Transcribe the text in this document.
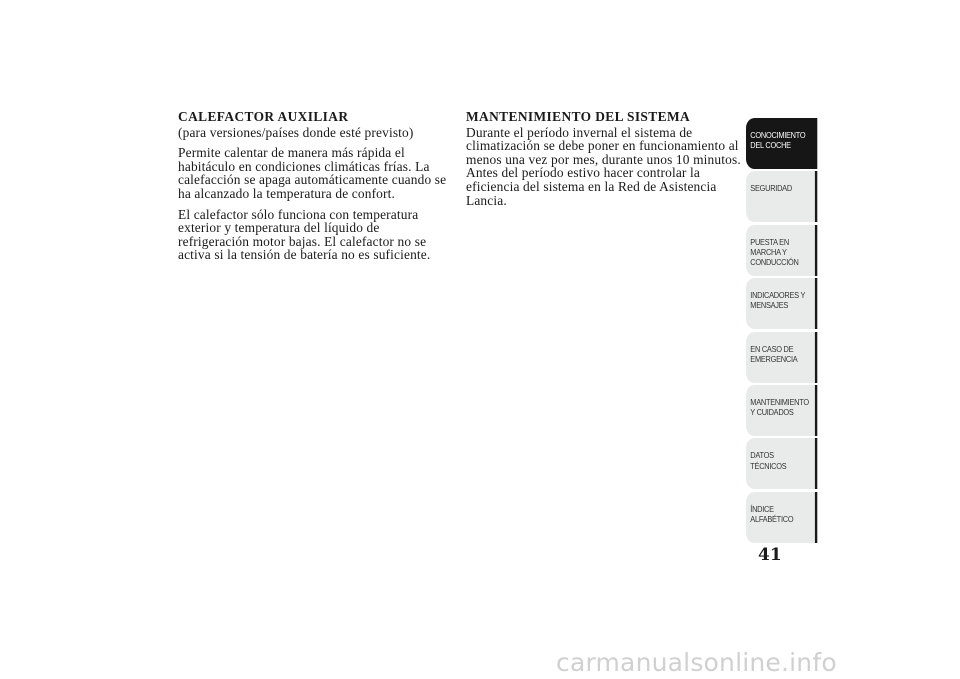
CALEFACTOR AUXILIAR
(para versiones/países donde esté previsto)

Permite calentar de manera más rápida el habitáculo en condiciones climáticas frías. La calefacción se apaga automáticamente cuando se ha alcanzado la temperatura de confort.

El calefactor sólo funciona con temperatura exterior y temperatura del líquido de refrigeración motor bajas. El calefactor no se activa si la tensión de batería no es suficiente.

MANTENIMIENTO DEL SISTEMA

Durante el período invernal el sistema de climatización se debe poner en funcionamiento al menos una vez por mes, durante unos 10 minutos. Antes del período estivo hacer controlar la eficiencia del sistema en la Red de Asistencia Lancia.

CONOCIMIENTO DEL COCHE
SEGURIDAD
PUESTA EN MARCHA Y CONDUCCIÓN
INDICADORES Y MENSAJES
EN CASO DE EMERGENCIA
MANTENIMIENTO Y CUIDADOS
DATOS TÉCNICOS
ÍNDICE ALFABÉTICO
41
carmanualsonline.info
